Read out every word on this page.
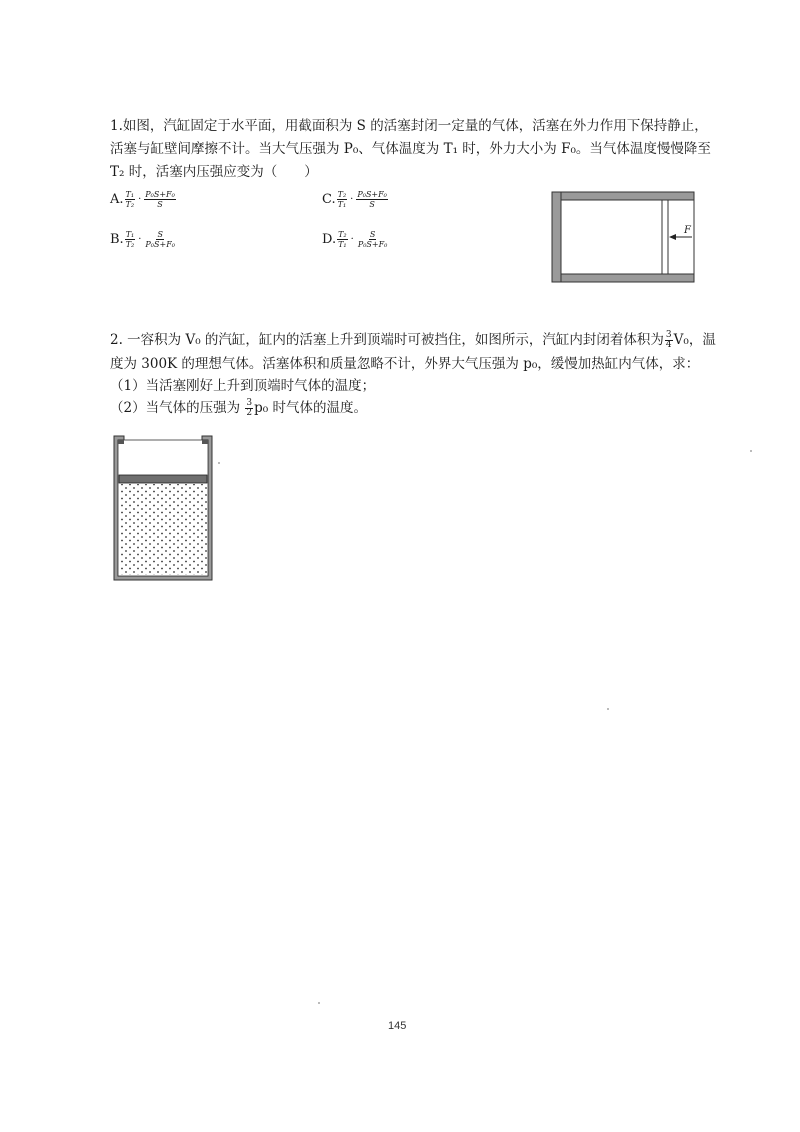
1.如图，汽缸固定于水平面，用截面积为 S 的活塞封闭一定量的气体，活塞在外力作用下保持静止，
活塞与缸壁间摩擦不计。当大气压强为 P₀、气体温度为 T₁ 时，外力大小为 F₀。当气体温度慢慢降至
T₂ 时，活塞内压强应变为（　　）
A. $\frac{\text{T₁}}{\text{T₂}} \cdot \frac{\text{P₀S+F₀}}{S}$	C. $\frac{\text{T₂}}{\text{T₁}} \cdot \frac{\text{P₀S+F₀}}{S}$
B. $\frac{\text{T₁}}{\text{T₂}} \cdot \frac{S}{\text{P₀S+F₀}}$	D. $\frac{\text{T₂}}{\text{T₁}} \cdot \frac{S}{\text{P₀S+F₀}}$	F
2. 一容积为 V₀ 的汽缸，缸内的活塞上升到顶端时可被挡住，如图所示，汽缸内封闭着体积为 $\frac{3}{4} V_0$，温
度为 300K 的理想气体。活塞体积和质量忽略不计，外界大气压强为 p₀，缓慢加热缸内气体，求：
（1）当活塞刚好上升到顶端时气体的温度；
（2）当气体的压强为 $\frac{3}{2} p_0$ 时气体的温度。
145
